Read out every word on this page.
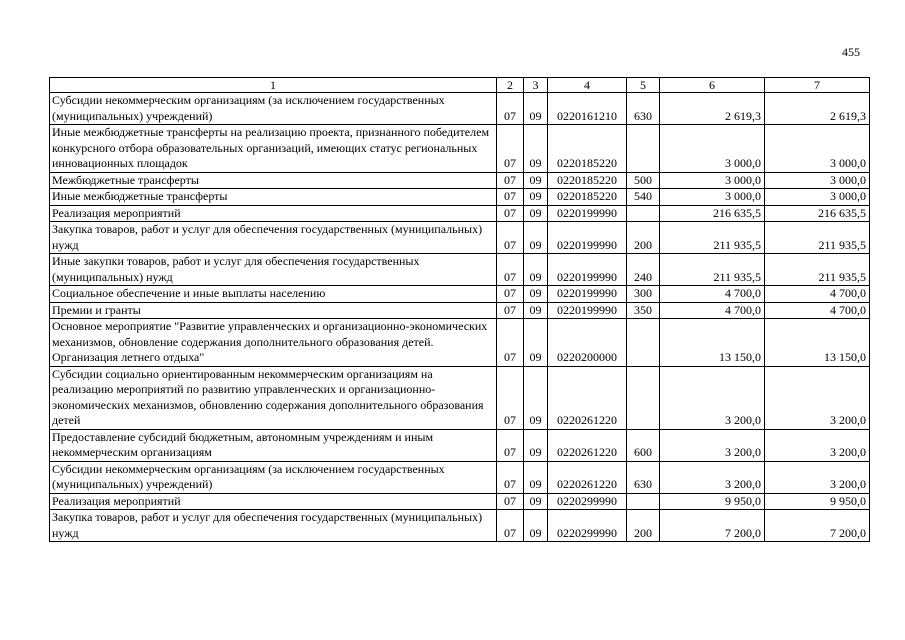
455
1	2	3	4	5	6	7
Субсидии некоммерческим организациям (за исключением государственных (муниципальных) учреждений)	07	09	0220161210	630	2 619,3	2 619,3
Иные межбюджетные трансферты на реализацию проекта, признанного победителем конкурсного отбора образовательных организаций, имеющих статус региональных инновационных площадок	07	09	0220185220		3 000,0	3 000,0
Межбюджетные трансферты	07	09	0220185220	500	3 000,0	3 000,0
Иные межбюджетные трансферты	07	09	0220185220	540	3 000,0	3 000,0
Реализация мероприятий	07	09	0220199990		216 635,5	216 635,5
Закупка товаров, работ и услуг для обеспечения государственных (муниципальных) нужд	07	09	0220199990	200	211 935,5	211 935,5
Иные закупки товаров, работ и услуг для обеспечения государственных (муниципальных) нужд	07	09	0220199990	240	211 935,5	211 935,5
Социальное обеспечение и иные выплаты населению	07	09	0220199990	300	4 700,0	4 700,0
Премии и гранты	07	09	0220199990	350	4 700,0	4 700,0
Основное мероприятие "Развитие управленческих и организационно-экономических механизмов, обновление содержания дополнительного образования детей. Организация летнего отдыха"	07	09	0220200000		13 150,0	13 150,0
Субсидии социально ориентированным некоммерческим организациям на реализацию мероприятий по развитию управленческих и организационно-экономических механизмов, обновлению содержания дополнительного образования детей	07	09	0220261220		3 200,0	3 200,0
Предоставление субсидий бюджетным, автономным учреждениям и иным некоммерческим организациям	07	09	0220261220	600	3 200,0	3 200,0
Субсидии некоммерческим организациям (за исключением государственных (муниципальных) учреждений)	07	09	0220261220	630	3 200,0	3 200,0
Реализация мероприятий	07	09	0220299990		9 950,0	9 950,0
Закупка товаров, работ и услуг для обеспечения государственных (муниципальных) нужд	07	09	0220299990	200	7 200,0	7 200,0
